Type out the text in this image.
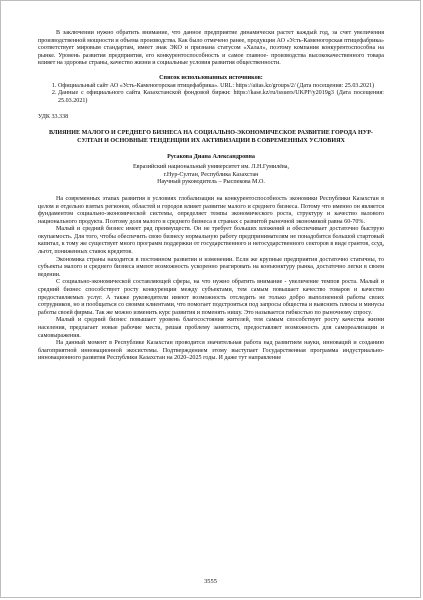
В заключении нужно обратить внимание, что данное предприятие динамически растет каждый год, за счет увеличения производственной мощности и объема производства. Как было отмечено ранее, продукция АО «Усть-Каменогорская птицефабрика» соответствует мировым стандартам, имеет знак ЭКО и признана статусом «Халал», поэтому компания конкурентоспособна на рынке. Уровень развития предприятия, его конкурентоспособность и самое главное- производства высококачественного товара влияет на здоровье страны, качество жизни и социальные условия развития общественности.

Список использованных источников:
1. Официальный сайт АО «Усть-Каменогорская птицефабрика». URL: https://aitas.kz/groups/2/ (Дата посещения: 25.03.2021)
2. Данные с официального сайта Казахстанской фондовой биржи: https://kase.kz/ru/issuers/UKPF/y2019g3 (Дата посещения: 25.03.2021)
УДК 33.338
ВЛИЯНИЕ МАЛОГО И СРЕДНЕГО БИЗНЕСА НА СОЦИАЛЬНО-ЭКОНОМИЧЕСКОЕ РАЗВИТИЕ ГОРОДА НУР-СУЛТАН И ОСНОВНЫЕ ТЕНДЕНЦИИ ИХ АКТИВИЗАЦИИ В СОВРЕМЕННЫХ УСЛОВИЯХ
Русакова Диана Александровна
Евразийский национальный университет им. Л.Н.Гумилёва,
г.Нур-Султан, Республика Казахстан
Научный руководитель – Рыспекова М.О.

На современных этапах развития в условиях глобализации на конкурентоспособность экономики Республики Казахстан в целом и отдельно взятых регионов, областей и городов влияет развитие малого и среднего бизнеса. Потому что именно он является фундаментом социально-экономической системы, определяет темпы экономического роста, структуру и качество валового национального продукта. Поэтому доля малого и среднего бизнеса в странах с развитой рыночной экономикой равна 60-70%.

Малый и средний бизнес имеет ряд преимуществ. Он не требует больших вложений и обеспечивает достаточно быструю окупаемость. Для того, чтобы обеспечить свою бизнесу нормальную работу предпринимателям не понадобится большой стартовый капитал, к тому же существует много программ поддержки от государственного и негосударственного секторов в виде грантов, ссуд, льгот, пониженных ставок кредитов.

Экономика страны находится в постоянном развитии и изменении. Если же крупные предприятия достаточно статичны, то субъекты малого и среднего бизнеса имеют возможность ускоренно реагировать на конъюнктуру рынка, достаточно легки в своем ведении.

С социально-экономической составляющей сферы, на что нужно обратить внимание - увеличение темпов роста. Малый и средний бизнес способствует росту конкуренции между субъектами, тем самым повышает качество товаров и качество предоставляемых услуг. А также руководители имеют возможность отследить не только добро выполненной работы своих сотрудников, но и пообщаться со своими клиентами, что помогает подстроиться под запросы общества и выяснить плюсы и минусы работы своей фирмы. Так же можно изменить курс развития и поменять нишу. Это называется гибкостью по рыночному спросу.

Малый и средний бизнес повышает уровень благосостояния жителей, тем самым способствует росту качества жизни населения, предлагает новые рабочие места, решая проблему занятости, предоставляет возможность для самореализации и самовыражения.

На данный момент в Республике Казахстан проводится значительная работа над развитием науки, инноваций и созданию благоприятной инновационной экосистемы. Подтверждением этому выступает Государственная программа индустриально-инновационного развития Республики Казахстан на 2020–2025 годы. И даже тут направление

3555
